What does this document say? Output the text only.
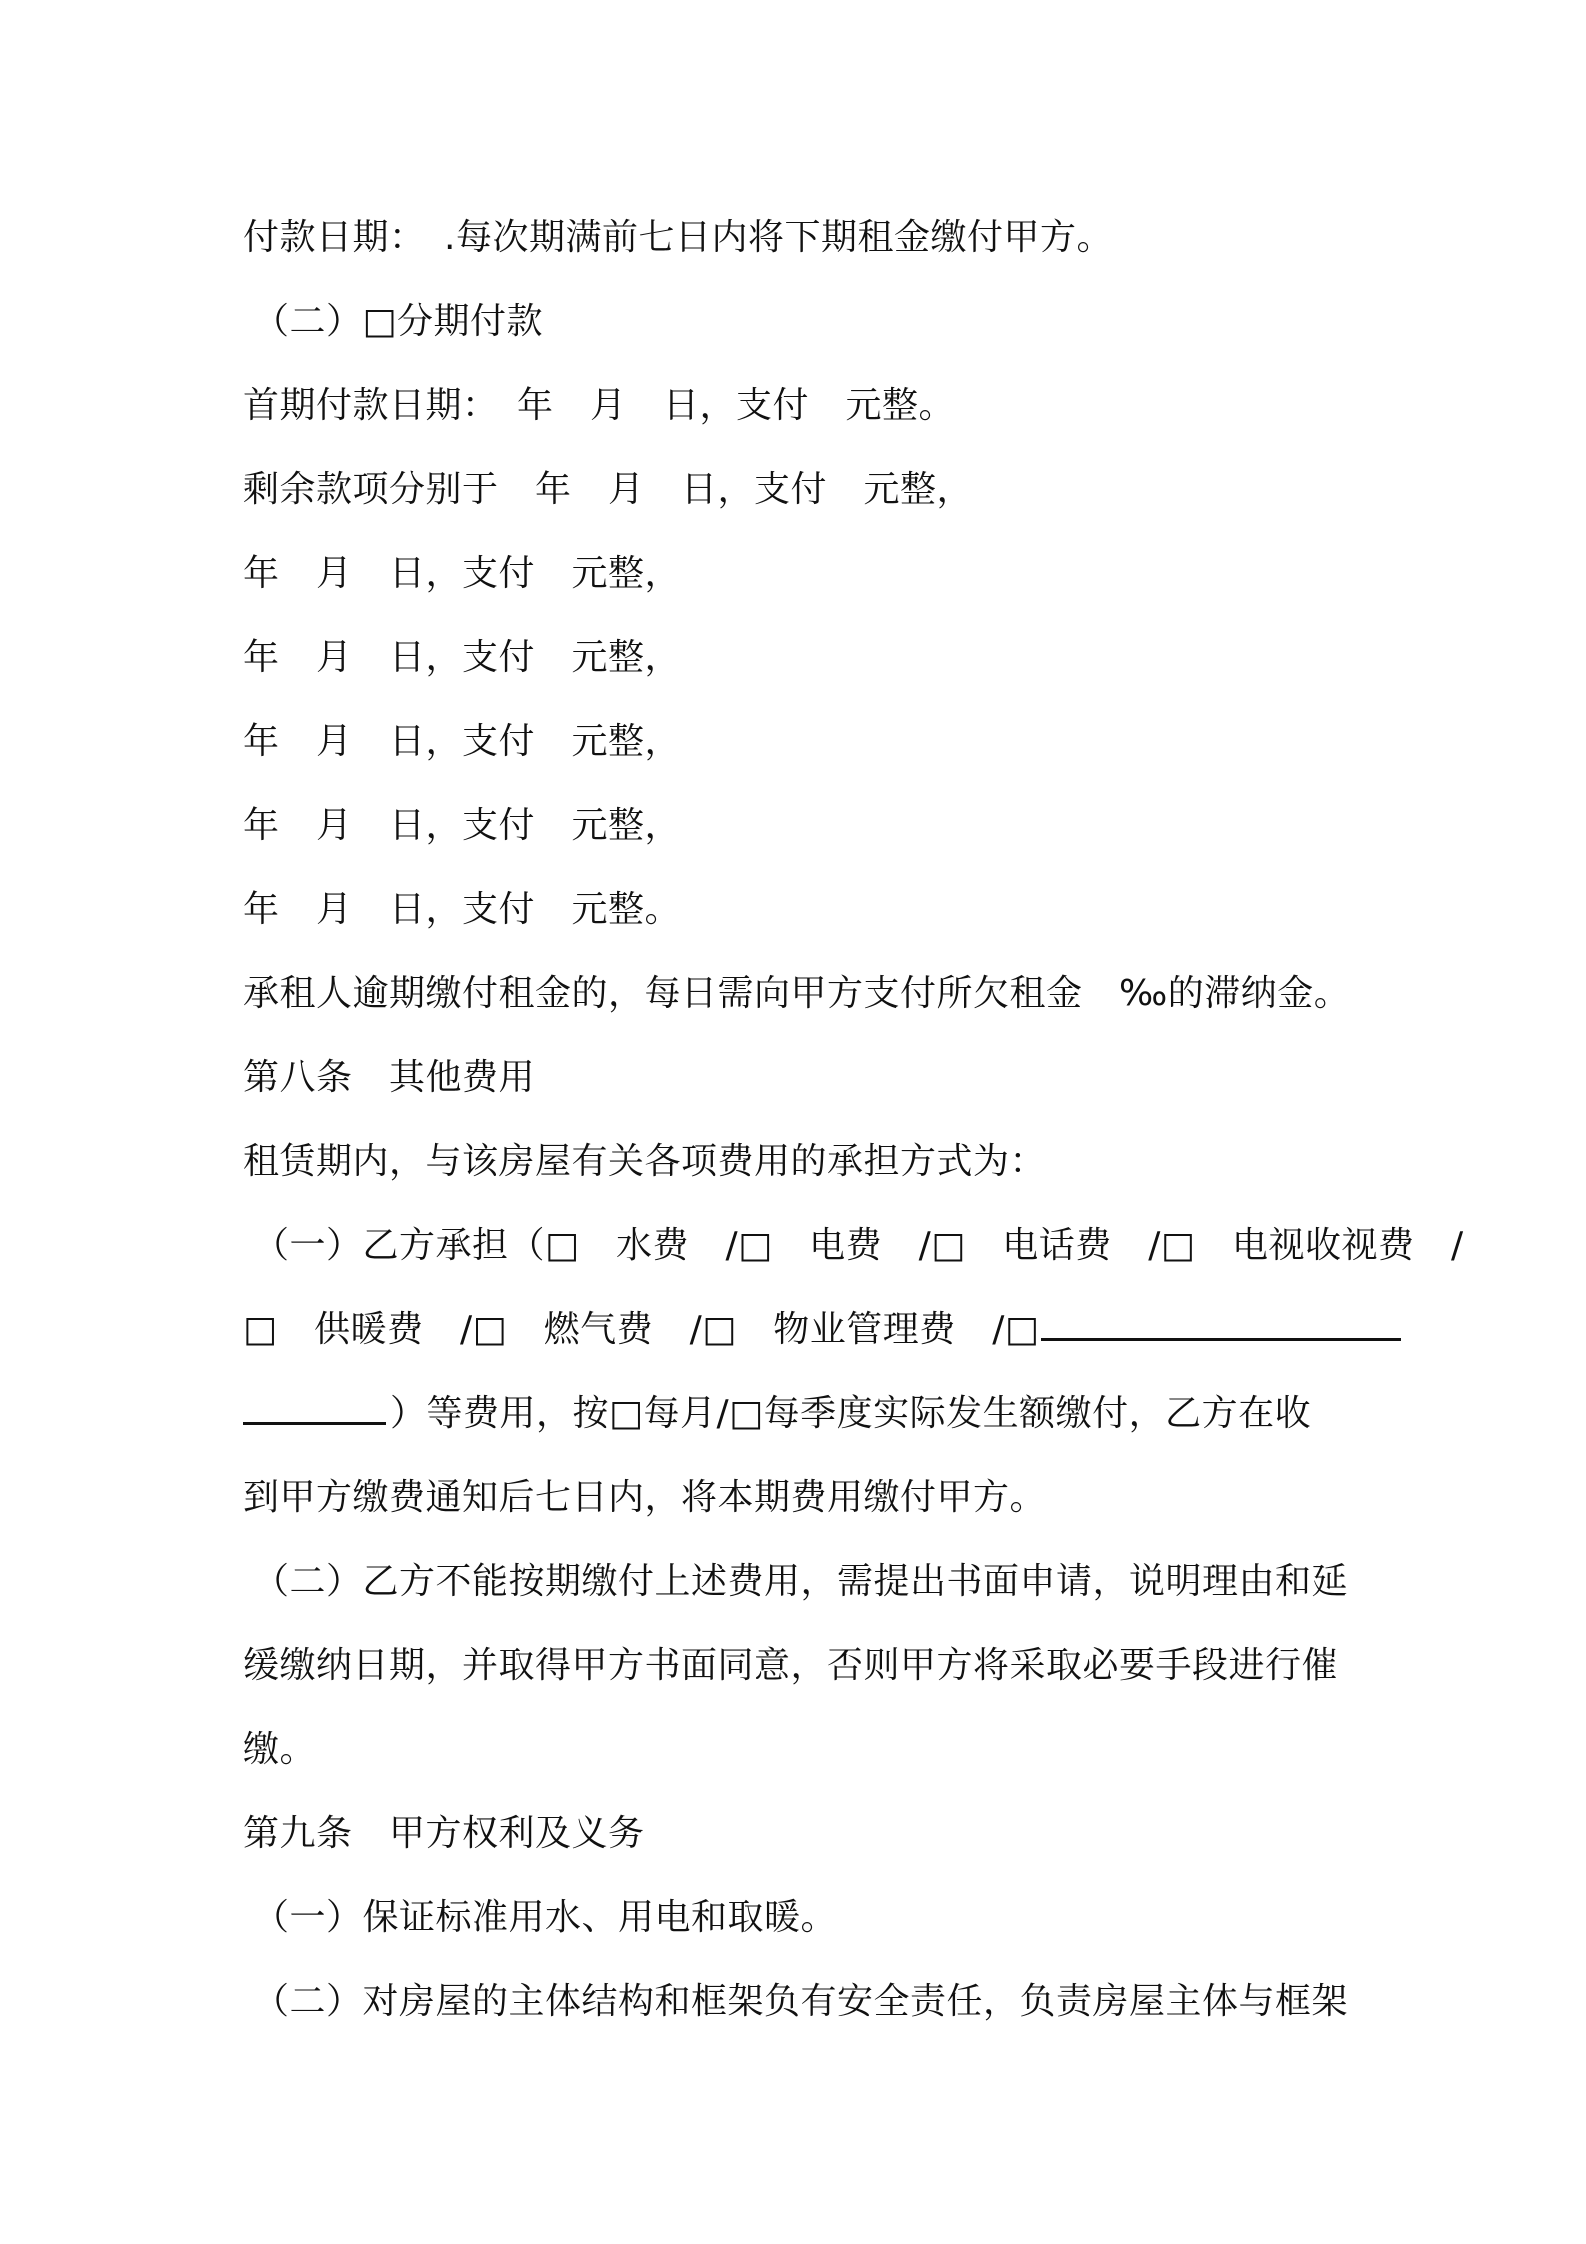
付款日期：　.每次期满前七日内将下期租金缴付甲方。
（二）□分期付款
首期付款日期：　年　月　日，支付　元整。
剩余款项分别于　年　月　日，支付　元整，
年　月　日，支付　元整，
年　月　日，支付　元整，
年　月　日，支付　元整，
年　月　日，支付　元整，
年　月　日，支付　元整。
承租人逾期缴付租金的，每日需向甲方支付所欠租金　‰的滞纳金。
第八条　其他费用
租赁期内，与该房屋有关各项费用的承担方式为：
（一）乙方承担（□　水费　/□　电费　/□　电话费　/□　电视收视费　/
□　供暖费　/□　燃气费　/□　物业管理费　/□
）等费用，按□每月/□每季度实际发生额缴付，乙方在收
到甲方缴费通知后七日内，将本期费用缴付甲方。
（二）乙方不能按期缴付上述费用，需提出书面申请，说明理由和延
缓缴纳日期，并取得甲方书面同意，否则甲方将采取必要手段进行催
缴。
第九条　甲方权利及义务
（一）保证标准用水、用电和取暖。
（二）对房屋的主体结构和框架负有安全责任，负责房屋主体与框架
